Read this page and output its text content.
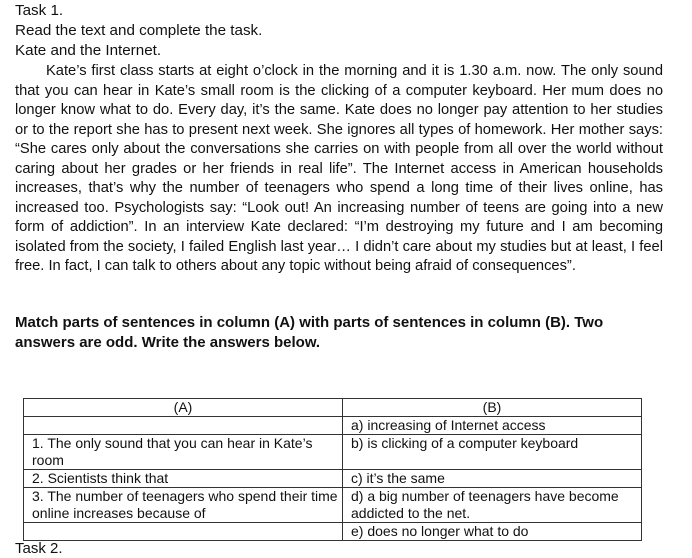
Task 1.
Read the text and complete the task.
Kate and the Internet.
Kate’s first class starts at eight o’clock in the morning and it is 1.30 a.m. now. The only sound that you can hear in Kate’s small room is the clicking of a computer keyboard. Her mum does no longer know what to do. Every day, it’s the same. Kate does no longer pay attention to her studies or to the report she has to present next week. She ignores all types of homework. Her mother says: “She cares only about the conversations she carries on with people from all over the world without caring about her grades or her friends in real life”. The Internet access in American households increases, that’s why the number of teenagers who spend a long time of their lives online, has increased too. Psychologists say: “Look out! An increasing number of teens are going into a new form of addiction”. In an interview Kate declared: “I’m destroying my future and I am becoming isolated from the society, I failed English last year… I didn’t care about my studies but at least, I feel free. In fact, I can talk to others about any topic without being afraid of consequences”.
Match parts of sentences in column (A) with parts of sentences in column (B). Two answers are odd. Write the answers below.
(A)	(B)
	a) increasing of Internet access
1. The only sound that you can hear in Kate’s room	b) is clicking of a computer keyboard
2. Scientists think that	c) it’s the same
3. The number of teenagers who spend their time online increases because of	d) a big number of teenagers have become addicted to the net.
	e) does no longer what to do
Task 2.
